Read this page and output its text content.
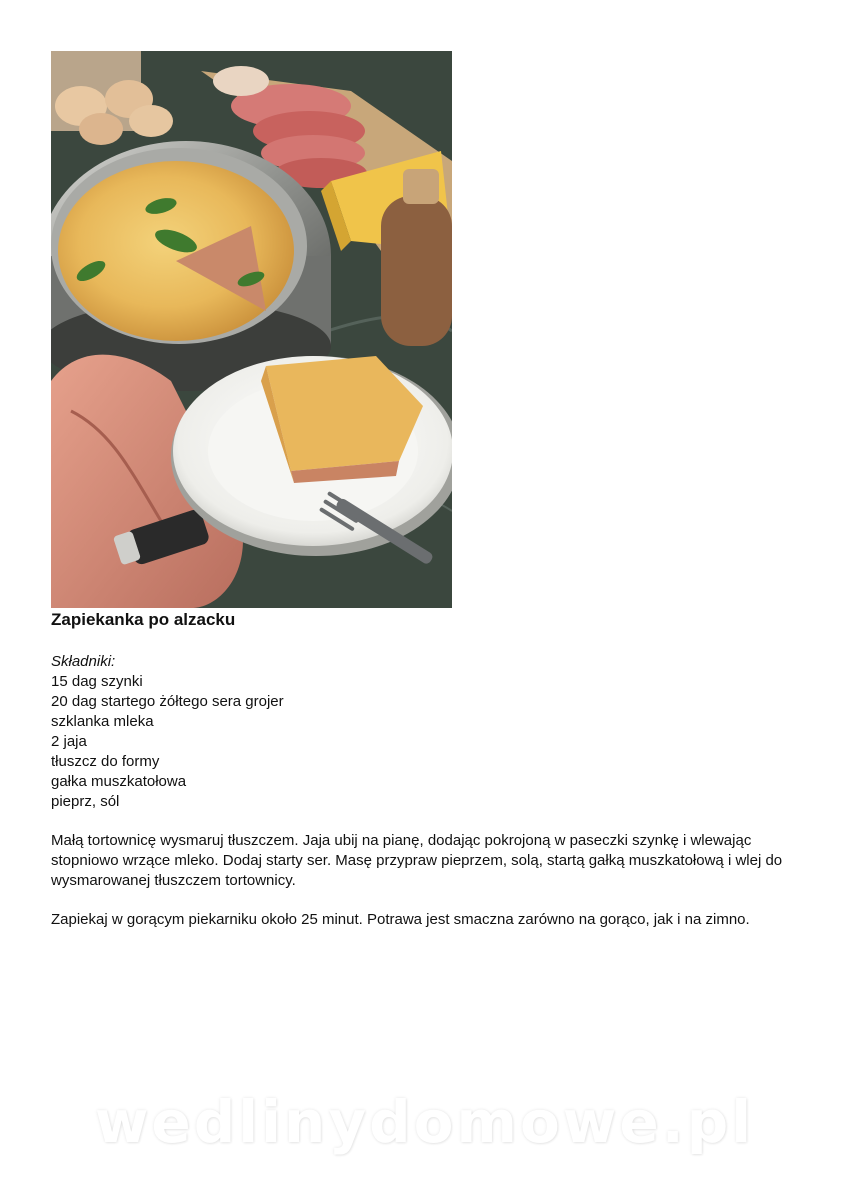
Zapiekanka po alzacku
Składniki:
15 dag szynki
20 dag startego żółtego sera grojer
szklanka mleka
2 jaja
tłuszcz do formy
gałka muszkatołowa
pieprz, sól

Małą tortownicę wysmaruj tłuszczem. Jaja ubij na pianę, dodając pokrojoną w paseczki szynkę i wlewając stopniowo wrzące mleko. Dodaj starty ser. Masę przypraw pieprzem, solą, startą gałką muszkatołową i wlej do wysmarowanej tłuszczem tortownicy.

Zapiekaj w gorącym piekarniku około 25 minut. Potrawa jest smaczna zarówno na gorąco, jak i na zimno.

wedlinydomowe.pl
